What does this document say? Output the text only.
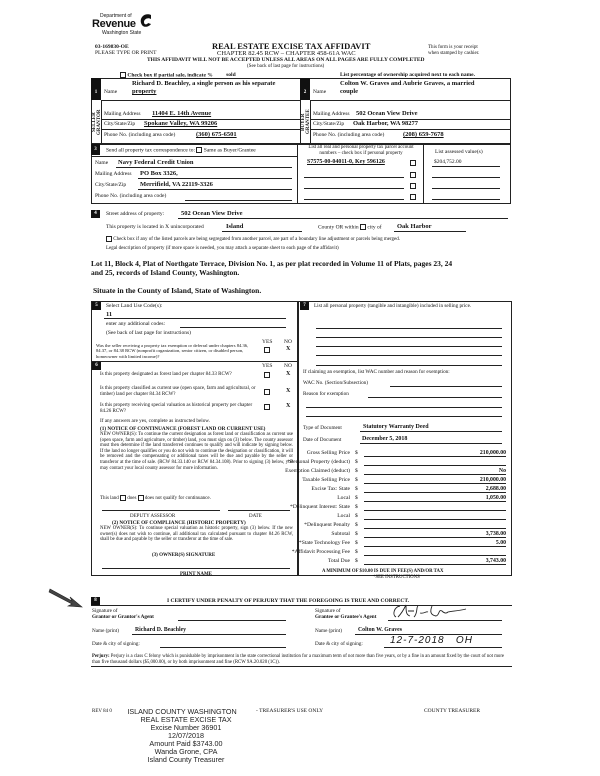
Department of
Revenue
Washington State
03-169830-OE
PLEASE TYPE OR PRINT
REAL ESTATE EXCISE TAX AFFIDAVIT
CHAPTER 82.45 RCW – CHAPTER 458-61A WAC
THIS AFFIDAVIT WILL NOT BE ACCEPTED UNLESS ALL AREAS ON ALL PAGES ARE FULLY COMPLETED
(See back of last page for instructions)
This form is your receipt
when stamped by cashier.
Check box if partial sale, indicate % sold	List percentage of ownership acquired next to each name.
1
SELLER
GRANTOR
Name
Richard D. Beachley, a single person as his separate
property
Mailing Address 11404 E. 14th Avenue
City/State/Zip Spokane Valley, WA 99206
Phone No. (including area code)	(360) 675-6501
2
BUYER
GRANTEE
Name
Colton W. Graves and Aubrie Graves, a married
couple
Mailing Address 502 Ocean View Drive
City/State/Zip Oak Harbor, WA 98277
Phone No. (including area code)	(208) 659-7678
3	Send all property tax correspondence to: Same as Buyer/Grantee
Name Navy Federal Credit Union
Mailing Address PO Box 3326,
City/State/Zip Merrifield, VA 22119-3326
Phone No. (including area code)
List all real and personal property tax parcel account
numbers – check box if personal property	List assessed value(s)
S7575-00-04011-0, Key 596126	$204,752.00
4	Street address of property:	502 Ocean View Drive
This property is located in X unincorporated	Island	County OR within city of Oak Harbor
Check box if any of the listed parcels are being segregated from another parcel, are part of a boundary line adjustment or parcels being merged.
Legal description of property (if more space is needed, you may attach a separate sheet to each page of the affidavit)
Lot 11, Block 4, Plat of Northgate Terrace, Division No. 1, as per plat recorded in Volume 11 of Plats, pages 23, 24
and 25, records of Island County, Washington.
Situate in the County of Island, State of Washington.
5	Select Land Use Code(s):
11
enter any additional codes:
(See back of last page for instructions)
YES NO
Was the seller receiving a property tax exemption or deferral under chapters 84.36, 84.37, or 84.38 RCW (nonprofit organization, senior citizen, or disabled person, homeowner with limited income)?
X
6	YES NO
Is this property designated as forest land per chapter 84.33 RCW?	X
Is this property classified as current use (open space, farm and agricultural, or timber) land per chapter 84.34 RCW?
X
Is this property receiving special valuation as historical property per chapter 84.26 RCW?
X
If any answers are yes, complete as instructed below.
(1) NOTICE OF CONTINUANCE (FOREST LAND OR CURRENT USE)
NEW OWNER(S): To continue the current designation as forest land or classification as current use (open space, farm and agriculture, or timber) land, you must sign on (3) below. The county assessor must then determine if the land transferred continues to qualify and will indicate by signing below. If the land no longer qualifies or you do not wish to continue the designation or classification, it will be removed and the compensating or additional taxes will be due and payable by the seller or transferor at the time of sale. (RCW 84.33.140 or RCW 84.34.108). Prior to signing (3) below, you may contact your local county assessor for more information.
This land does does not qualify for continuance.
DEPUTY ASSESSOR	DATE
(2) NOTICE OF COMPLIANCE (HISTORIC PROPERTY)
NEW OWNER(S): To continue special valuation as historic property, sign (3) below. If the new owner(s) does not wish to continue, all additional tax calculated pursuant to chapter 84.26 RCW, shall be due and payable by the seller or transferor at the time of sale.
(3) OWNER(S) SIGNATURE
PRINT NAME
7	List all personal property (tangible and intangible) included in selling price.
If claiming an exemption, list WAC number and reason for exemption:
WAC No. (Section/Subsection)
Reason for exemption
Type of Document	Statutory Warranty Deed
Date of Document	December 5, 2018
Gross Selling Price $	210,000.00
*Personal Property (deduct) $
Exemption Claimed (deduct) $	No
Taxable Selling Price $	210,000.00
Excise Tax: State $	2,688.00
Local $	1,050.00
*Delinquent Interest: State $
Local $
*Delinquent Penalty $
Subtotal $	3,738.00
*State Technology Fee $	5.00
*Affidavit Processing Fee $
Total Due $	3,743.00
A MINIMUM OF $10.00 IS DUE IN FEE(S) AND/OR TAX
*SEE INSTRUCTIONS
8	I CERTIFY UNDER PENALTY OF PERJURY THAT THE FOREGOING IS TRUE AND CORRECT.
Signature of
Grantor or Grantor's Agent
Name (print)	Richard D. Beachley
Date & city of signing:
Signature of
Grantee or Grantee's Agent
Name (print)	Colton W. Graves
Date & city of signing:	12-7-2018   OH
Perjury: Perjury is a class C felony which is punishable by imprisonment in the state correctional institution for a maximum term of not more than five years, or by a fine in an amount fixed by the court of not more than five thousand dollars ($5,000.00), or by both imprisonment and fine (RCW 9A.20.020 (1C)).
REV 84 0	ISLAND COUNTY WASHINGTON
REAL ESTATE EXCISE TAX
Excise Number 36901
12/07/2018
Amount Paid $3743.00
Wanda Grone, CPA
Island County Treasurer
- TREASURER'S USE ONLY	COUNTY TREASURER
